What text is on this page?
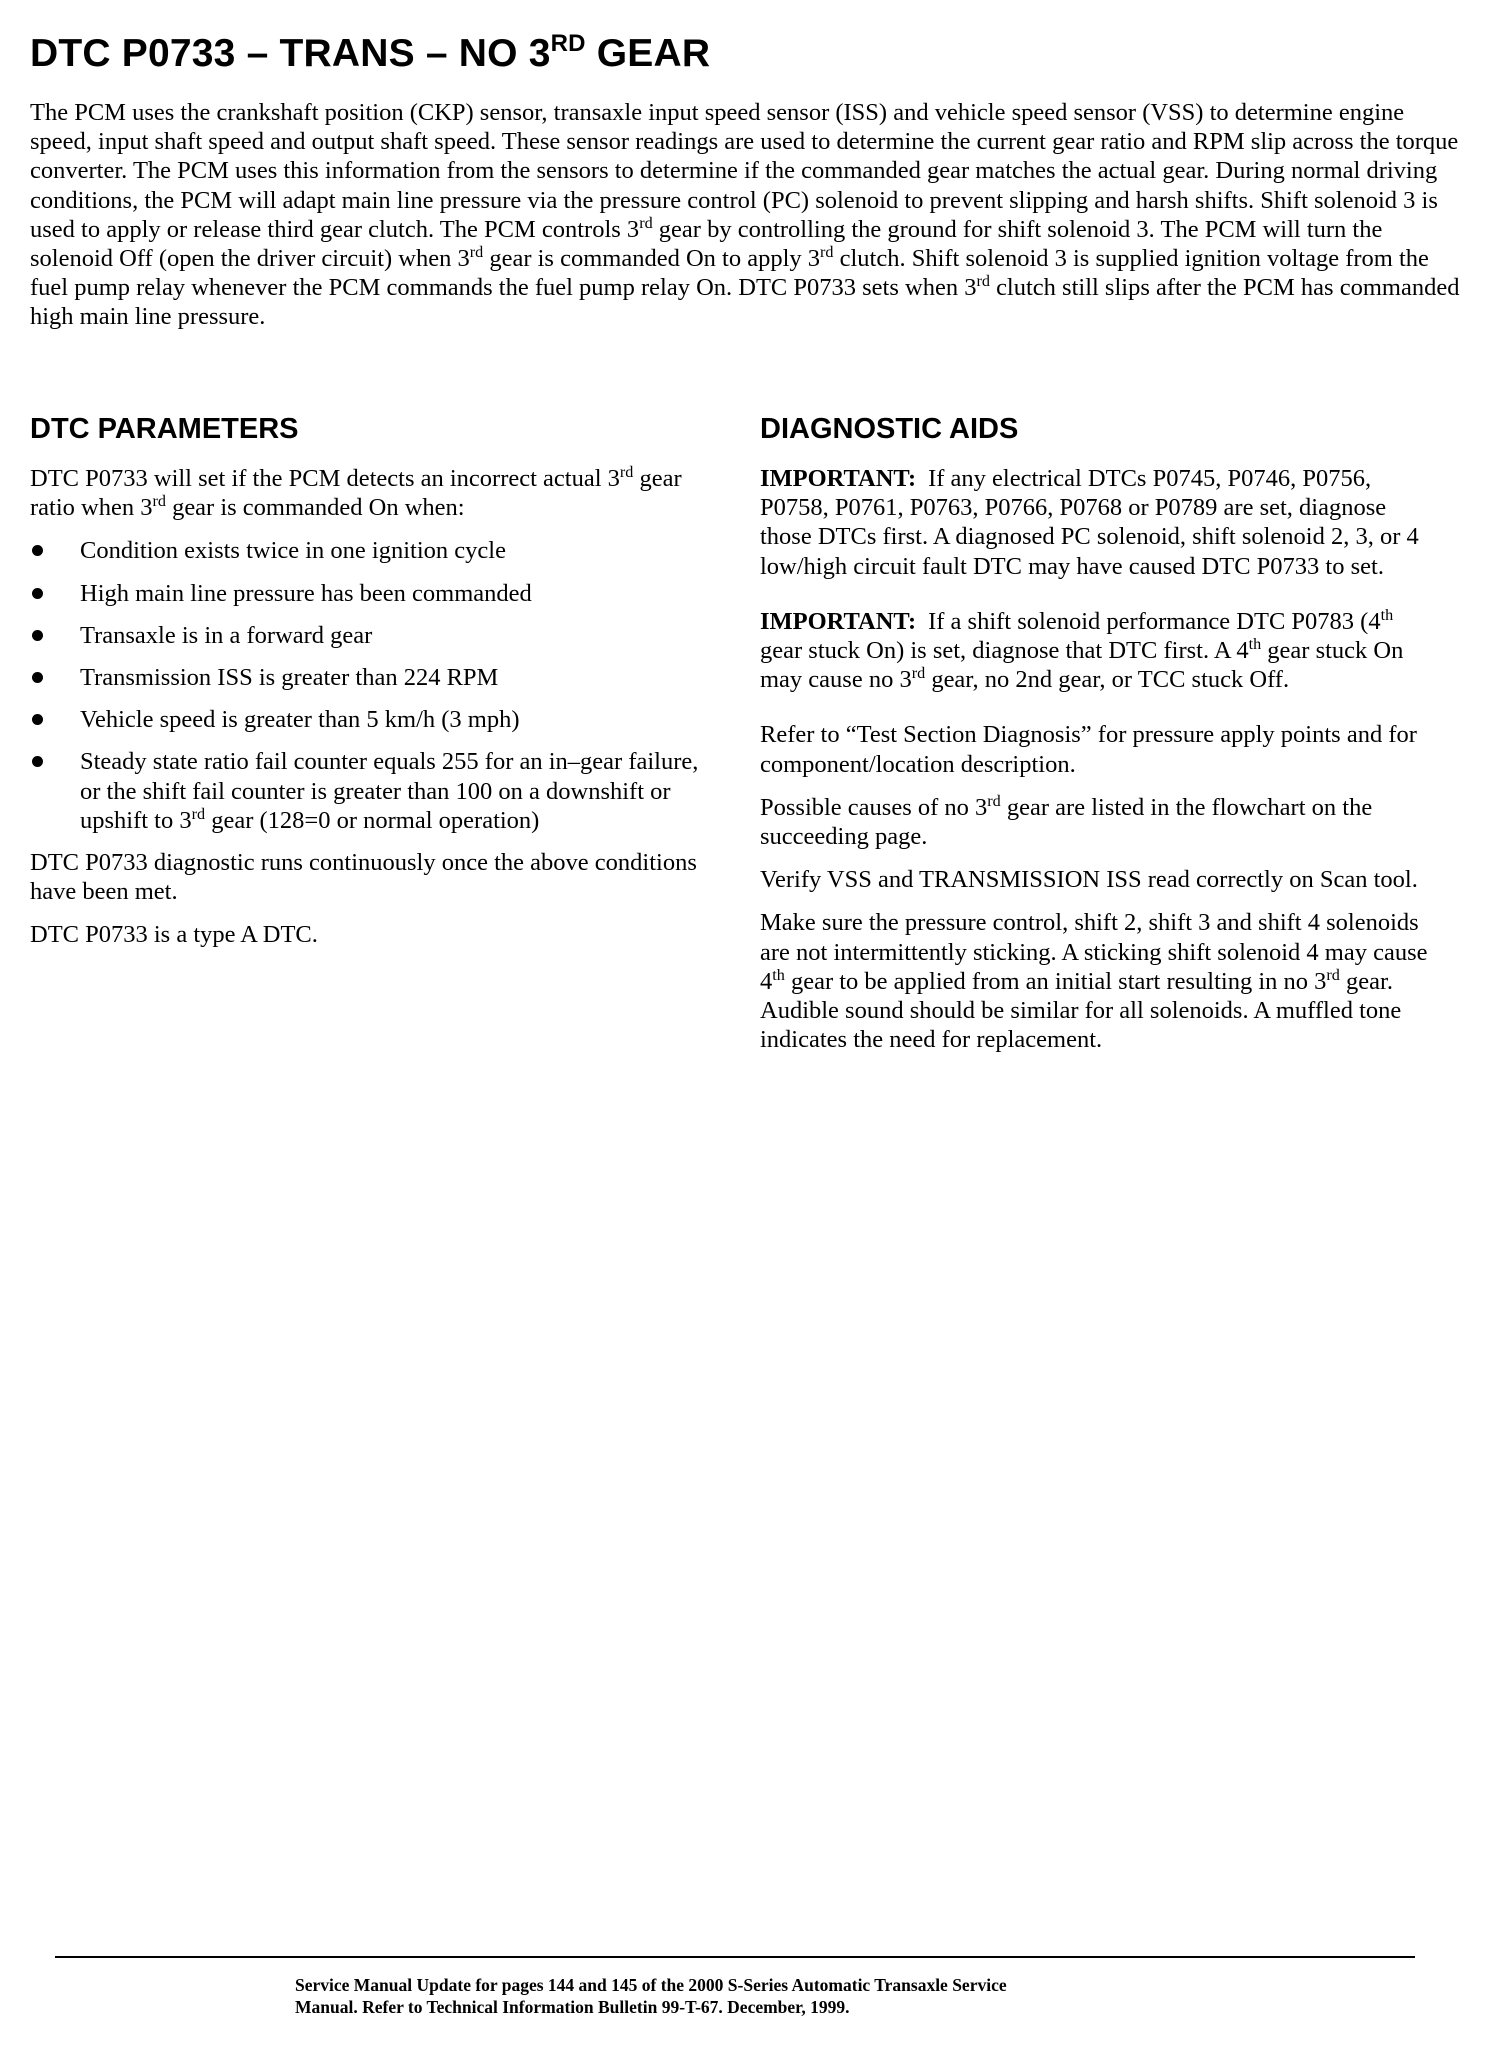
DTC P0733 – TRANS – NO 3RD GEAR

The PCM uses the crankshaft position (CKP) sensor, transaxle input speed sensor (ISS) and vehicle speed sensor (VSS) to determine engine speed, input shaft speed and output shaft speed. These sensor readings are used to determine the current gear ratio and RPM slip across the torque converter. The PCM uses this information from the sensors to determine if the commanded gear matches the actual gear. During normal driving conditions, the PCM will adapt main line pressure via the pressure control (PC) solenoid to prevent slipping and harsh shifts. Shift solenoid 3 is used to apply or release third gear clutch. The PCM controls 3rd gear by controlling the ground for shift solenoid 3. The PCM will turn the solenoid Off (open the driver circuit) when 3rd gear is commanded On to apply 3rd clutch. Shift solenoid 3 is supplied ignition voltage from the fuel pump relay whenever the PCM commands the fuel pump relay On. DTC P0733 sets when 3rd clutch still slips after the PCM has commanded high main line pressure.

DTC PARAMETERS

DTC P0733 will set if the PCM detects an incorrect actual 3rd gear ratio when 3rd gear is commanded On when:

Condition exists twice in one ignition cycle
High main line pressure has been commanded
Transaxle is in a forward gear
Transmission ISS is greater than 224 RPM
Vehicle speed is greater than 5 km/h (3 mph)
Steady state ratio fail counter equals 255 for an in–gear failure, or the shift fail counter is greater than 100 on a downshift or upshift to 3rd gear (128=0 or normal operation)

DTC P0733 diagnostic runs continuously once the above conditions have been met.

DTC P0733 is a type A DTC.

DIAGNOSTIC AIDS

IMPORTANT: If any electrical DTCs P0745, P0746, P0756, P0758, P0761, P0763, P0766, P0768 or P0789 are set, diagnose those DTCs first. A diagnosed PC solenoid, shift solenoid 2, 3, or 4 low/high circuit fault DTC may have caused DTC P0733 to set.

IMPORTANT: If a shift solenoid performance DTC P0783 (4th gear stuck On) is set, diagnose that DTC first. A 4th gear stuck On may cause no 3rd gear, no 2nd gear, or TCC stuck Off.

Refer to “Test Section Diagnosis” for pressure apply points and for component/location description.

Possible causes of no 3rd gear are listed in the flowchart on the succeeding page.

Verify VSS and TRANSMISSION ISS read correctly on Scan tool.

Make sure the pressure control, shift 2, shift 3 and shift 4 solenoids are not intermittently sticking. A sticking shift solenoid 4 may cause 4th gear to be applied from an initial start resulting in no 3rd gear. Audible sound should be similar for all solenoids. A muffled tone indicates the need for replacement.

Service Manual Update for pages 144 and 145 of the 2000 S-Series Automatic Transaxle Service
Manual. Refer to Technical Information Bulletin 99-T-67. December, 1999.
